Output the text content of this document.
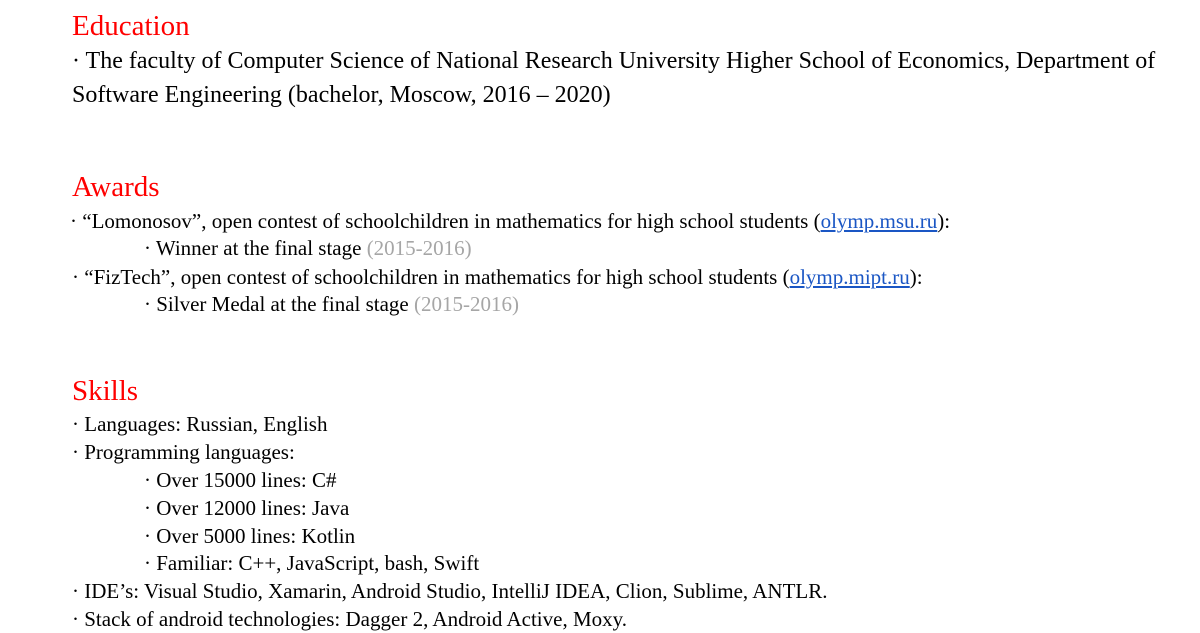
Education

· The faculty of Computer Science of National Research University Higher School of Economics, Department of Software Engineering (bachelor, Moscow, 2016 – 2020)

Awards

· “Lomonosov”, open contest of schoolchildren in mathematics for high school students (olymp.msu.ru):

· Winner at the final stage (2015-2016)

· “FizTech”, open contest of schoolchildren in mathematics for high school students (olymp.mipt.ru):

· Silver Medal at the final stage (2015-2016)

Skills

· Languages: Russian, English

· Programming languages:

· Over 15000 lines: C#

· Over 12000 lines: Java

· Over 5000 lines: Kotlin

· Familiar: C++, JavaScript, bash, Swift

· IDE’s: Visual Studio, Xamarin, Android Studio, IntelliJ IDEA, Clion, Sublime, ANTLR.

· Stack of android technologies: Dagger 2, Android Active, Moxy.
